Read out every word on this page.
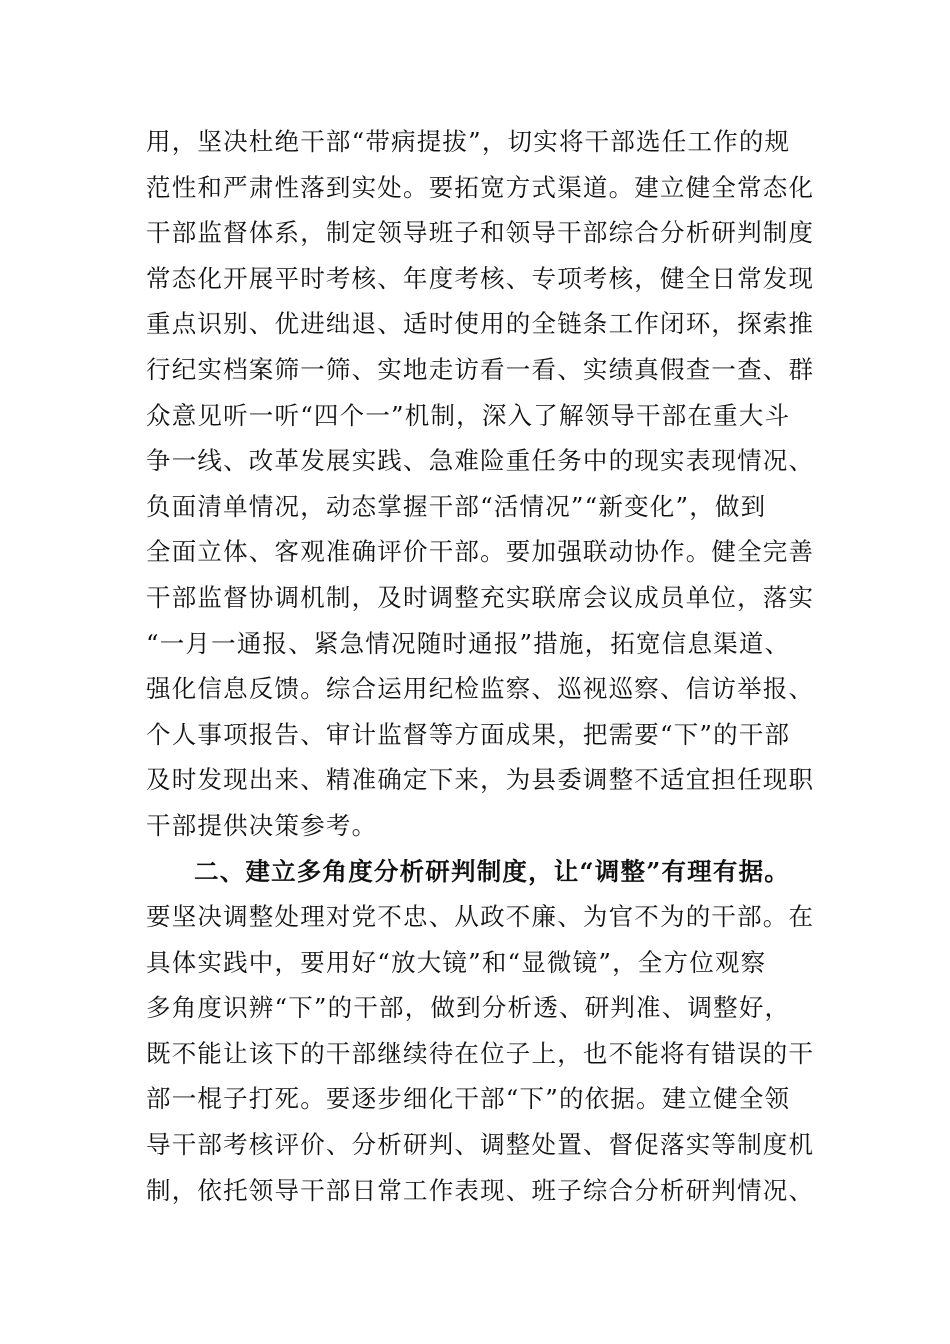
用，坚决杜绝干部“带病提拔”，切实将干部选任工作的规
范性和严肃性落到实处。要拓宽方式渠道。建立健全常态化
干部监督体系，制定领导班子和领导干部综合分析研判制度
常态化开展平时考核、年度考核、专项考核，健全日常发现
重点识别、优进绌退、适时使用的全链条工作闭环，探索推
行纪实档案筛一筛、实地走访看一看、实绩真假查一查、群
众意见听一听“四个一”机制，深入了解领导干部在重大斗
争一线、改革发展实践、急难险重任务中的现实表现情况、
负面清单情况，动态掌握干部“活情况”“新变化”，做到
全面立体、客观准确评价干部。要加强联动协作。健全完善
干部监督协调机制，及时调整充实联席会议成员单位，落实
“一月一通报、紧急情况随时通报”措施，拓宽信息渠道、
强化信息反馈。综合运用纪检监察、巡视巡察、信访举报、
个人事项报告、审计监督等方面成果，把需要“下”的干部
及时发现出来、精准确定下来，为县委调整不适宜担任现职
干部提供决策参考。
二、建立多角度分析研判制度，让“调整”有理有据。
要坚决调整处理对党不忠、从政不廉、为官不为的干部。在
具体实践中，要用好“放大镜”和“显微镜”，全方位观察
多角度识辨“下”的干部，做到分析透、研判准、调整好，
既不能让该下的干部继续待在位子上，也不能将有错误的干
部一棍子打死。要逐步细化干部“下”的依据。建立健全领
导干部考核评价、分析研判、调整处置、督促落实等制度机
制，依托领导干部日常工作表现、班子综合分析研判情况、
